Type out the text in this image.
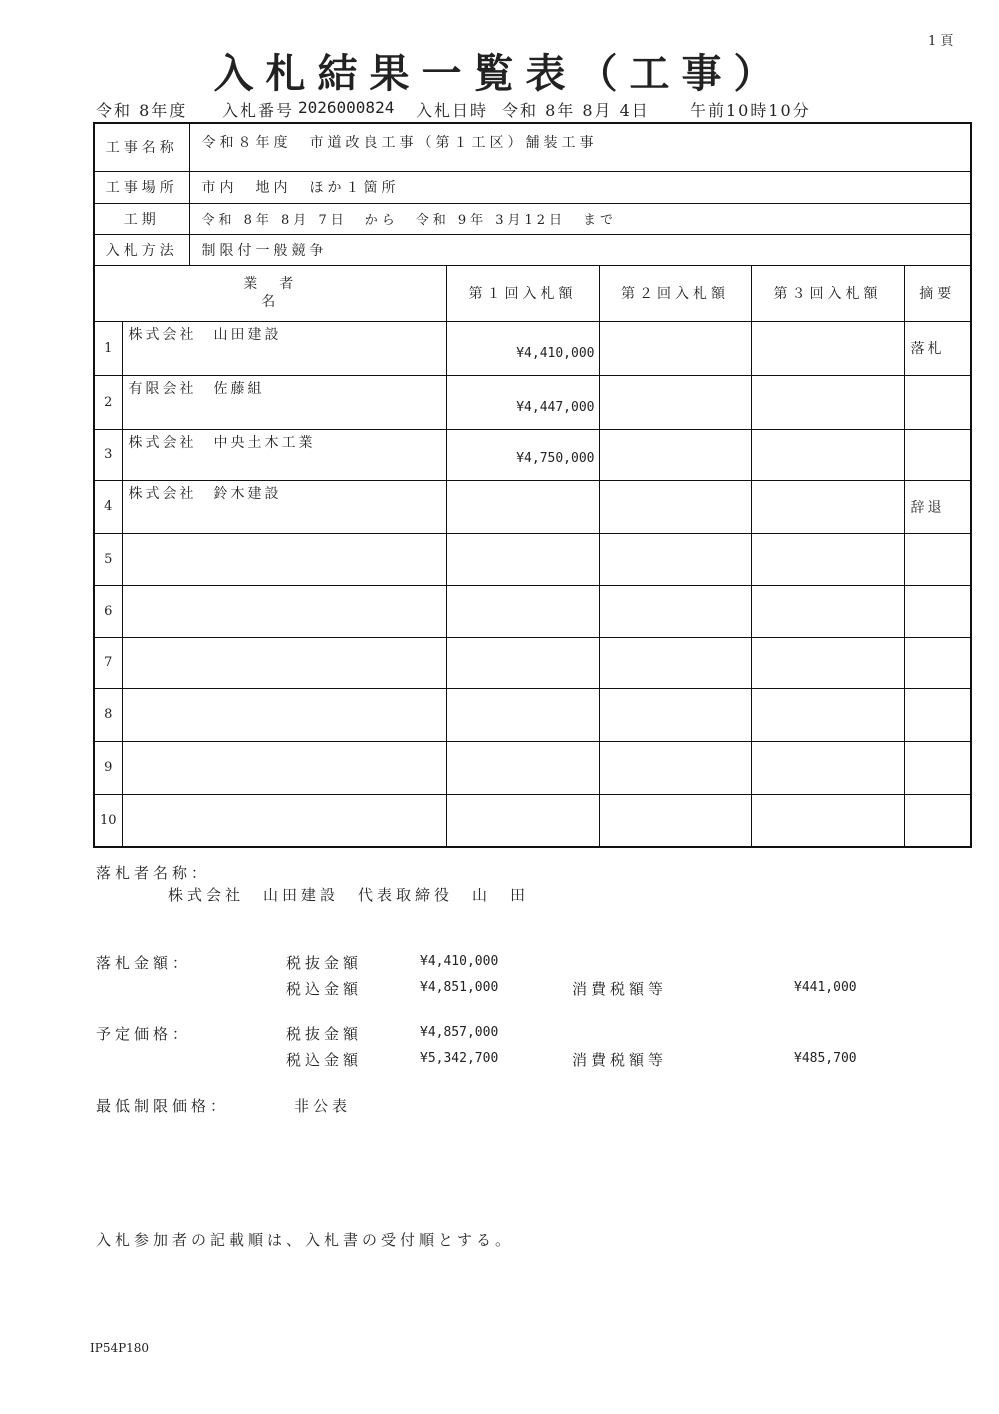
1 頁
入札結果一覧表（工事）
令和 8年度 入札番号 2026000824 入札日時 令和 8年 8月 4日	午前10時10分
工事名称		令和８年度　市道改良工事（第１工区）舗装工事				
工事場所		市内　地内　ほか１箇所				
工期		令和 8年 8月 7日　から　令和 9年 3月12日　まで				
入札方法		制限付一般競争				

業　者
名			第１回入札額	第２回入札額	第３回入札額	摘要
1	株式会社　山田建設		¥4,410,000			落札
2	有限会社　佐藤組		¥4,447,000			
3	株式会社　中央土木工業		¥4,750,000			
4	株式会社　鈴木建設					辞退
5						
6						
7						
8						
9						
10						
落札者名称：
株式会社　山田建設　代表取締役　山　田
落札金額：	税抜金額	¥4,410,000
税込金額	¥4,851,000	消費税額等	¥441,000
予定価格：	税抜金額	¥4,857,000
税込金額	¥5,342,700	消費税額等	¥485,700
最低制限価格：	非公表
入札参加者の記載順は、入札書の受付順とする。
IP54P180
